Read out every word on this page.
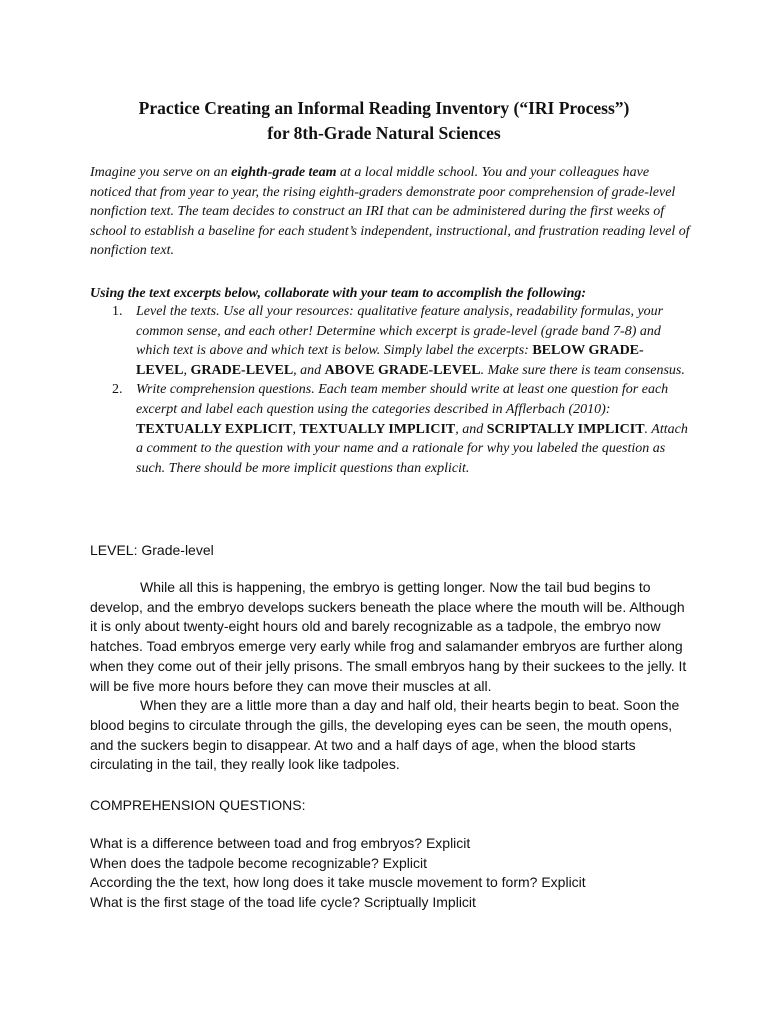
Practice Creating an Informal Reading Inventory (“IRI Process”)

for 8th-Grade Natural Sciences

Imagine you serve on an eighth-grade team at a local middle school. You and your colleagues have noticed that from year to year, the rising eighth-graders demonstrate poor comprehension of grade-level nonfiction text. The team decides to construct an IRI that can be administered during the first weeks of school to establish a baseline for each student’s independent, instructional, and frustration reading level of nonfiction text.
Using the text excerpts below, collaborate with your team to accomplish the following:
1. Level the texts. Use all your resources: qualitative feature analysis, readability formulas, your common sense, and each other! Determine which excerpt is grade-level (grade band 7-8) and which text is above and which text is below. Simply label the excerpts: BELOW GRADE-LEVEL, GRADE-LEVEL, and ABOVE GRADE-LEVEL. Make sure there is team consensus.
2. Write comprehension questions. Each team member should write at least one question for each excerpt and label each question using the categories described in Afflerbach (2010): TEXTUALLY EXPLICIT, TEXTUALLY IMPLICIT, and SCRIPTALLY IMPLICIT. Attach a comment to the question with your name and a rationale for why you labeled the question as such. There should be more implicit questions than explicit.
LEVEL: Grade-level

While all this is happening, the embryo is getting longer. Now the tail bud begins to develop, and the embryo develops suckers beneath the place where the mouth will be. Although it is only about twenty-eight hours old and barely recognizable as a tadpole, the embryo now hatches. Toad embryos emerge very early while frog and salamander embryos are further along when they come out of their jelly prisons. The small embryos hang by their suckees to the jelly. It will be five more hours before they can move their muscles at all.

When they are a little more than a day and half old, their hearts begin to beat. Soon the blood begins to circulate through the gills, the developing eyes can be seen, the mouth opens, and the suckers begin to disappear. At two and a half days of age, when the blood starts circulating in the tail, they really look like tadpoles.

COMPREHENSION QUESTIONS:
What is a difference between toad and frog embryos? Explicit
When does the tadpole become recognizable? Explicit
According the the text, how long does it take muscle movement to form? Explicit
What is the first stage of the toad life cycle? Scriptually Implicit
